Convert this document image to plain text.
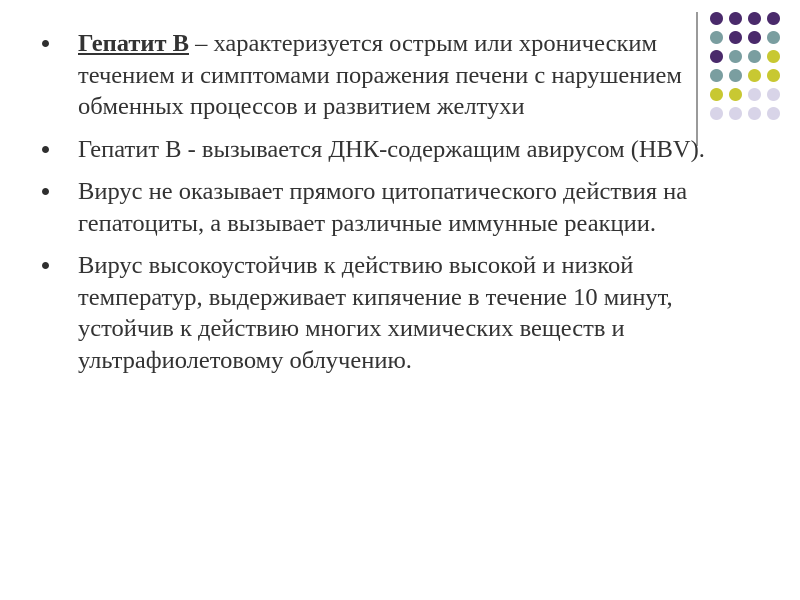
Гепатит В – характеризуется острым или хроническим течением и симптомами поражения печени с нарушением обменных процессов и развитием желтухи
Гепатит В - вызывается ДНК-содержащим авирусом (HBV).
Вирус не оказывает прямого цитопатического действия на гепатоциты, а вызывает различные иммунные реакции.
Вирус высокоустойчив к действию высокой и низкой температур, выдерживает кипячение в течение 10 минут, устойчив к действию многих химических веществ и ультрафиолетовому облучению.
